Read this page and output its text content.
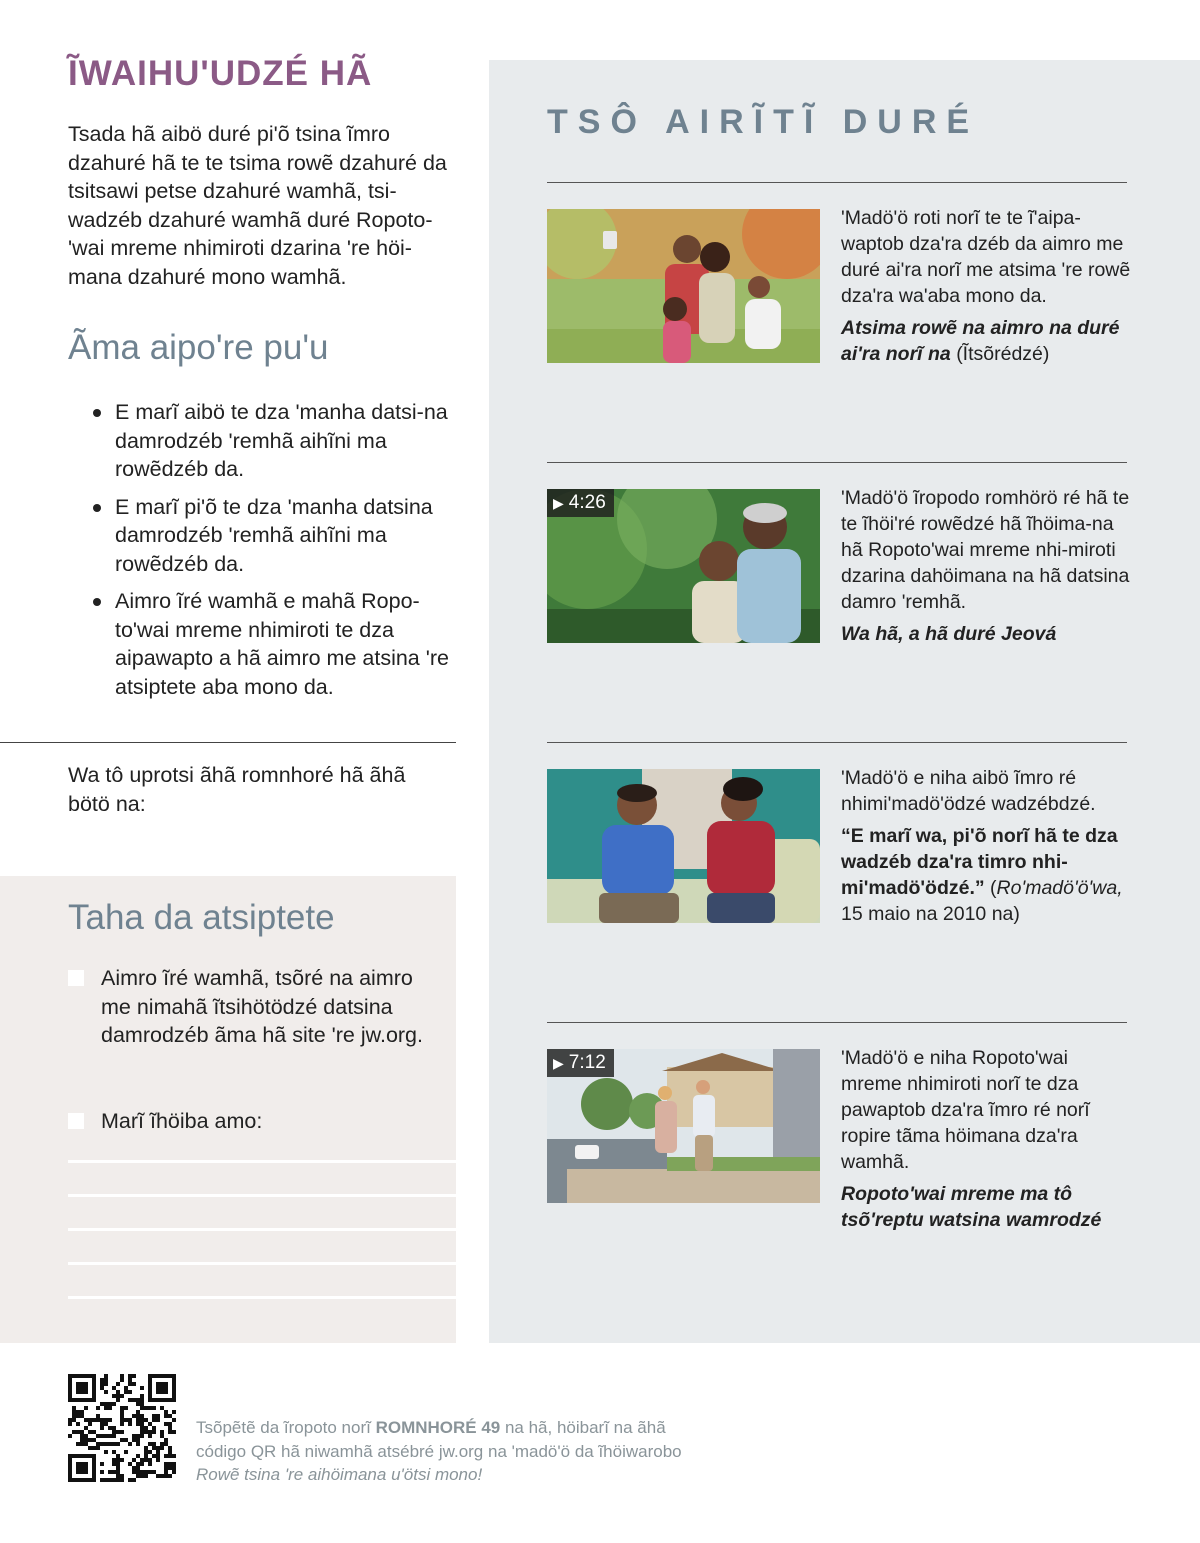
ĨWAIHU'UDZÉ HÃ

Tsada hã aibö duré pi'õ tsina ĩmro dzahuré hã te te tsima rowẽ dzahuré da tsitsawi petse dzahuré wamhã, tsi-wadzéb dzahuré wamhã duré Ropoto-'wai mreme nhimiroti dzarina 're höi-mana dzahuré mono wamhã.

Ãma aipo're pu'u
E marĩ aibö te dza 'manha datsi-na damrodzéb 'remhã aihĩni ma rowẽdzéb da.
E marĩ pi'õ te dza 'manha datsina damrodzéb 'remhã aihĩni ma rowẽdzéb da.
Aimro ĩré wamhã e mahã Ropo-to'wai mreme nhimiroti te dza aipawapto a hã aimro me atsina 're atsiptete aba mono da.

Wa tô uprotsi ãhã romnhoré hã ãhã bötö na:

Taha da atsiptete
Aimro ĩré wamhã, tsõré na aimro me nimahã ĩtsihötödzé datsina damrodzéb ãma hã site 're jw.org.
Marĩ ĩhöiba amo:
TSÔ AIRĨTĨ DURÉ

'Madö'ö roti norĩ te te ĩ'aipa-waptob dza'ra dzéb da aimro me duré ai'ra norĩ me atsima 're rowẽ dza'ra wa'aba mono da.

Atsima rowẽ na aimro na duré ai'ra norĩ na (Ĩtsõrédzé)

▶ 4:26	'Madö'ö ĩropodo romhörö ré hã te te ĩhöi'ré rowẽdzé hã ĩhöima-na hã Ropoto'wai mreme nhi-miroti dzarina dahöimana na hã datsina damro 'remhã.

Wa hã, a hã duré Jeová

'Madö'ö e niha aibö ĩmro ré nhimi'madö'ödzé wadzébdzé.

“E marĩ wa, pi'õ norĩ hã te dza wadzéb dza'ra timro nhi-mi'madö'ödzé.” (Ro'madö'ö'wa, 15 maio na 2010 na)

▶ 7:12	'Madö'ö e niha Ropoto'wai mreme nhimiroti norĩ te dza pawaptob dza'ra ĩmro ré norĩ ropire tãma höimana dza'ra wamhã.

Ropoto'wai mreme ma tô tsõ'reptu watsina wamrodzé

Tsõpẽtẽ da ĩropoto norĩ ROMNHORÉ 49 na hã, höibarĩ na ãhã código QR hã niwamhã atsébré jw.org na 'madö'ö da ĩhöiwarobo Rowẽ tsina 're aihöimana u'ötsi mono!
